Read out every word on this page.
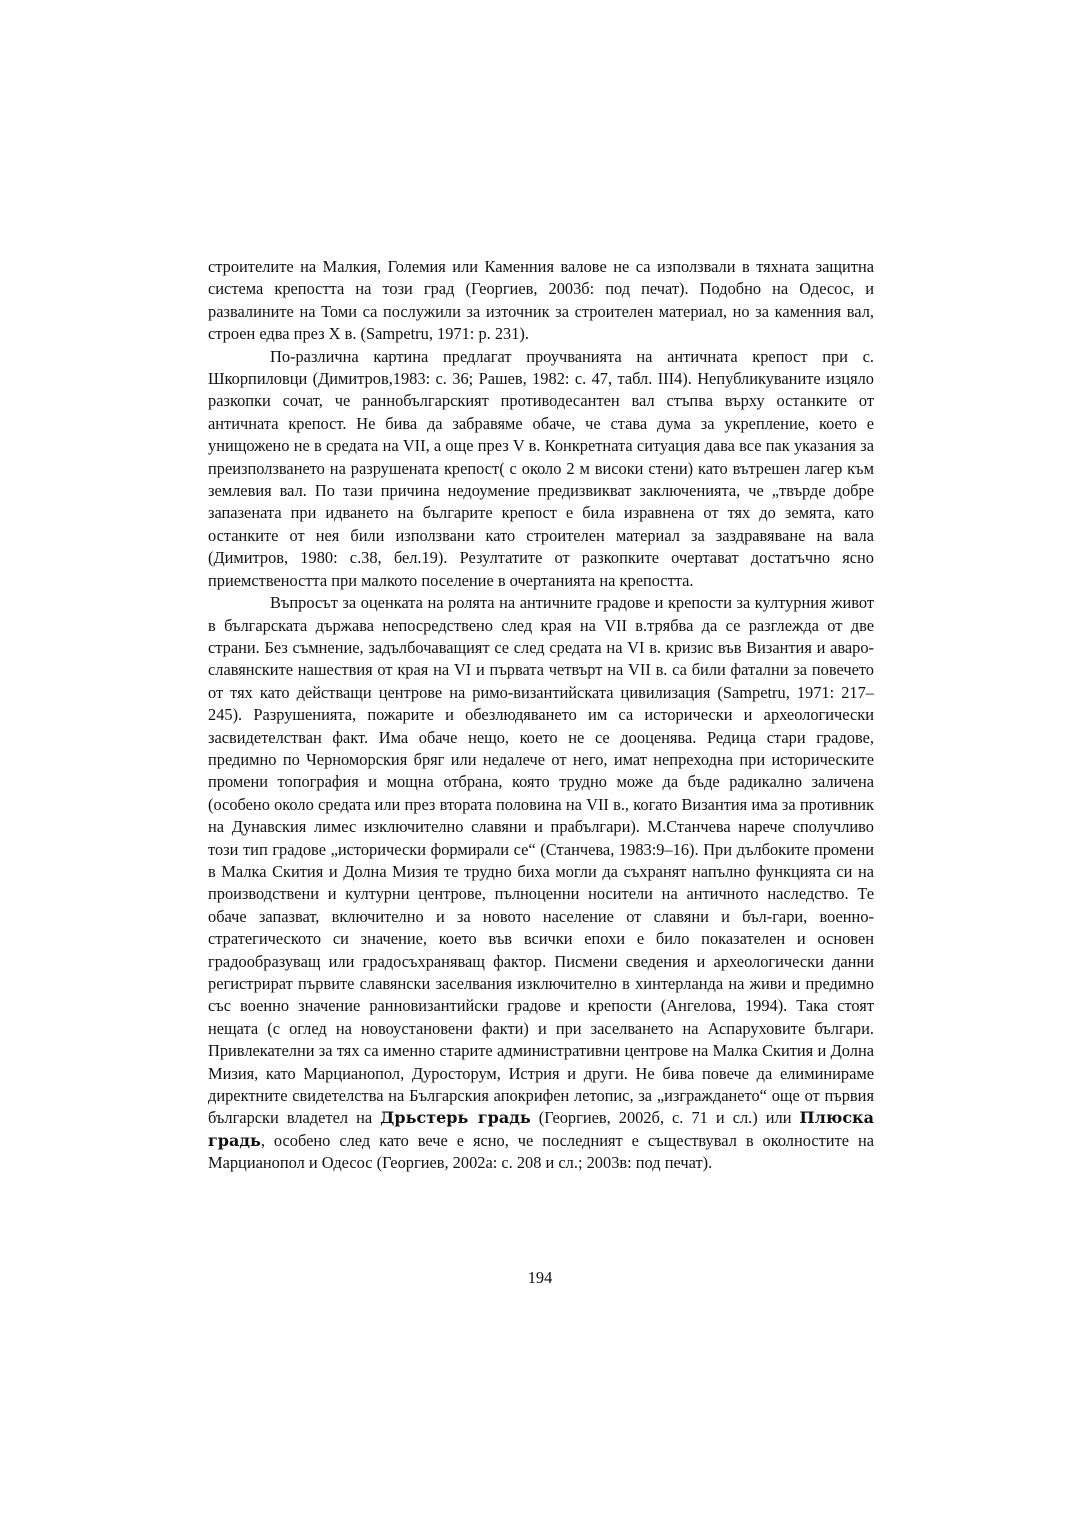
строителите на Малкия, Големия или Каменния валове не са използвали в тяхната защитна система крепостта на този град (Георгиев, 2003б: под печат). Подобно на Одесос, и развалините на Томи са послужили за източник за строителен материал, но за каменния вал, строен едва през Х в. (Sampetru, 1971: p. 231).

По-различна картина предлагат проучванията на античната крепост при с. Шкорпиловци (Димитров,1983: с. 36; Рашев, 1982: с. 47, табл. III4). Непубликуваните изцяло разкопки сочат, че раннобългарският противодесантен вал стъпва върху останките от античната крепост. Не бива да забравяме обаче, че става дума за укрепление, което е унищожено не в средата на VII, а още през V в. Конкретната ситуация дава все пак указания за преизползването на разрушената крепост( с около 2 м високи стени) като вътрешен лагер към землевия вал. По тази причина недоумение предизвикват заключенията, че „твърде добре запазената при идването на българите крепост е била изравнена от тях до земята, като останките от нея били използвани като строителен материал за заздравяване на вала (Димитров, 1980: с.38, бел.19). Резултатите от разкопките очертават достатъчно ясно приемствеността при малкото поселение в очертанията на крепостта.

Въпросът за оценката на ролята на античните градове и крепости за културния живот в българската държава непосредствено след края на VII в.трябва да се разглежда от две страни. Без съмнение, задълбочаващият се след средата на VI в. кризис във Византия и аваро-славянските нашествия от края на VI и първата четвърт на VII в. са били фатални за повечето от тях като действащи центрове на римо-византийската цивилизация (Sampetru, 1971: 217–245). Разрушенията, пожарите и обезлюдяването им са исторически и археологически засвидетелстван факт. Има обаче нещо, което не се дооценява. Редица стари градове, предимно по Черноморския бряг или недалече от него, имат непреходна при историческите промени топография и мощна отбрана, която трудно може да бъде радикално заличена (особено около средата или през втората половина на VII в., когато Византия има за противник на Дунавския лимес изключително славяни и прабългари). М.Станчева нарече сполучливо този тип градове „исторически формирали се“ (Станчева, 1983:9–16). При дълбоките промени в Малка Скития и Долна Мизия те трудно биха могли да съхранят напълно функцията си на производствени и културни центрове, пълноценни носители на античното наследство. Те обаче запазват, включително и за новото население от славяни и бъл-гари, военно-стратегическото си значение, което във всички епохи е било показателен и основен градообразуващ или градосъхраняващ фактор. Писмени сведения и археологически данни регистрират първите славянски заселвания изключително в хинтерланда на живи и предимно със военно значение ранновизантийски градове и крепости (Ангелова, 1994). Така стоят нещата (с оглед на новоустановени факти) и при заселването на Аспаруховите българи. Привлекателни за тях са именно старите административни центрове на Малка Скития и Долна Мизия, като Марцианопол, Дуросторум, Истрия и други. Не бива повече да елиминираме директните свидетелства на Българския апокрифен летопис, за „изграждането“ още от първия български владетел на Дрьстерь градь (Георгиев, 2002б, с. 71 и сл.) или Плюска градь, особено след като вече е ясно, че последният е съществувал в околностите на Марцианопол и Одесос (Георгиев, 2002а: с. 208 и сл.; 2003в: под печат).

194
